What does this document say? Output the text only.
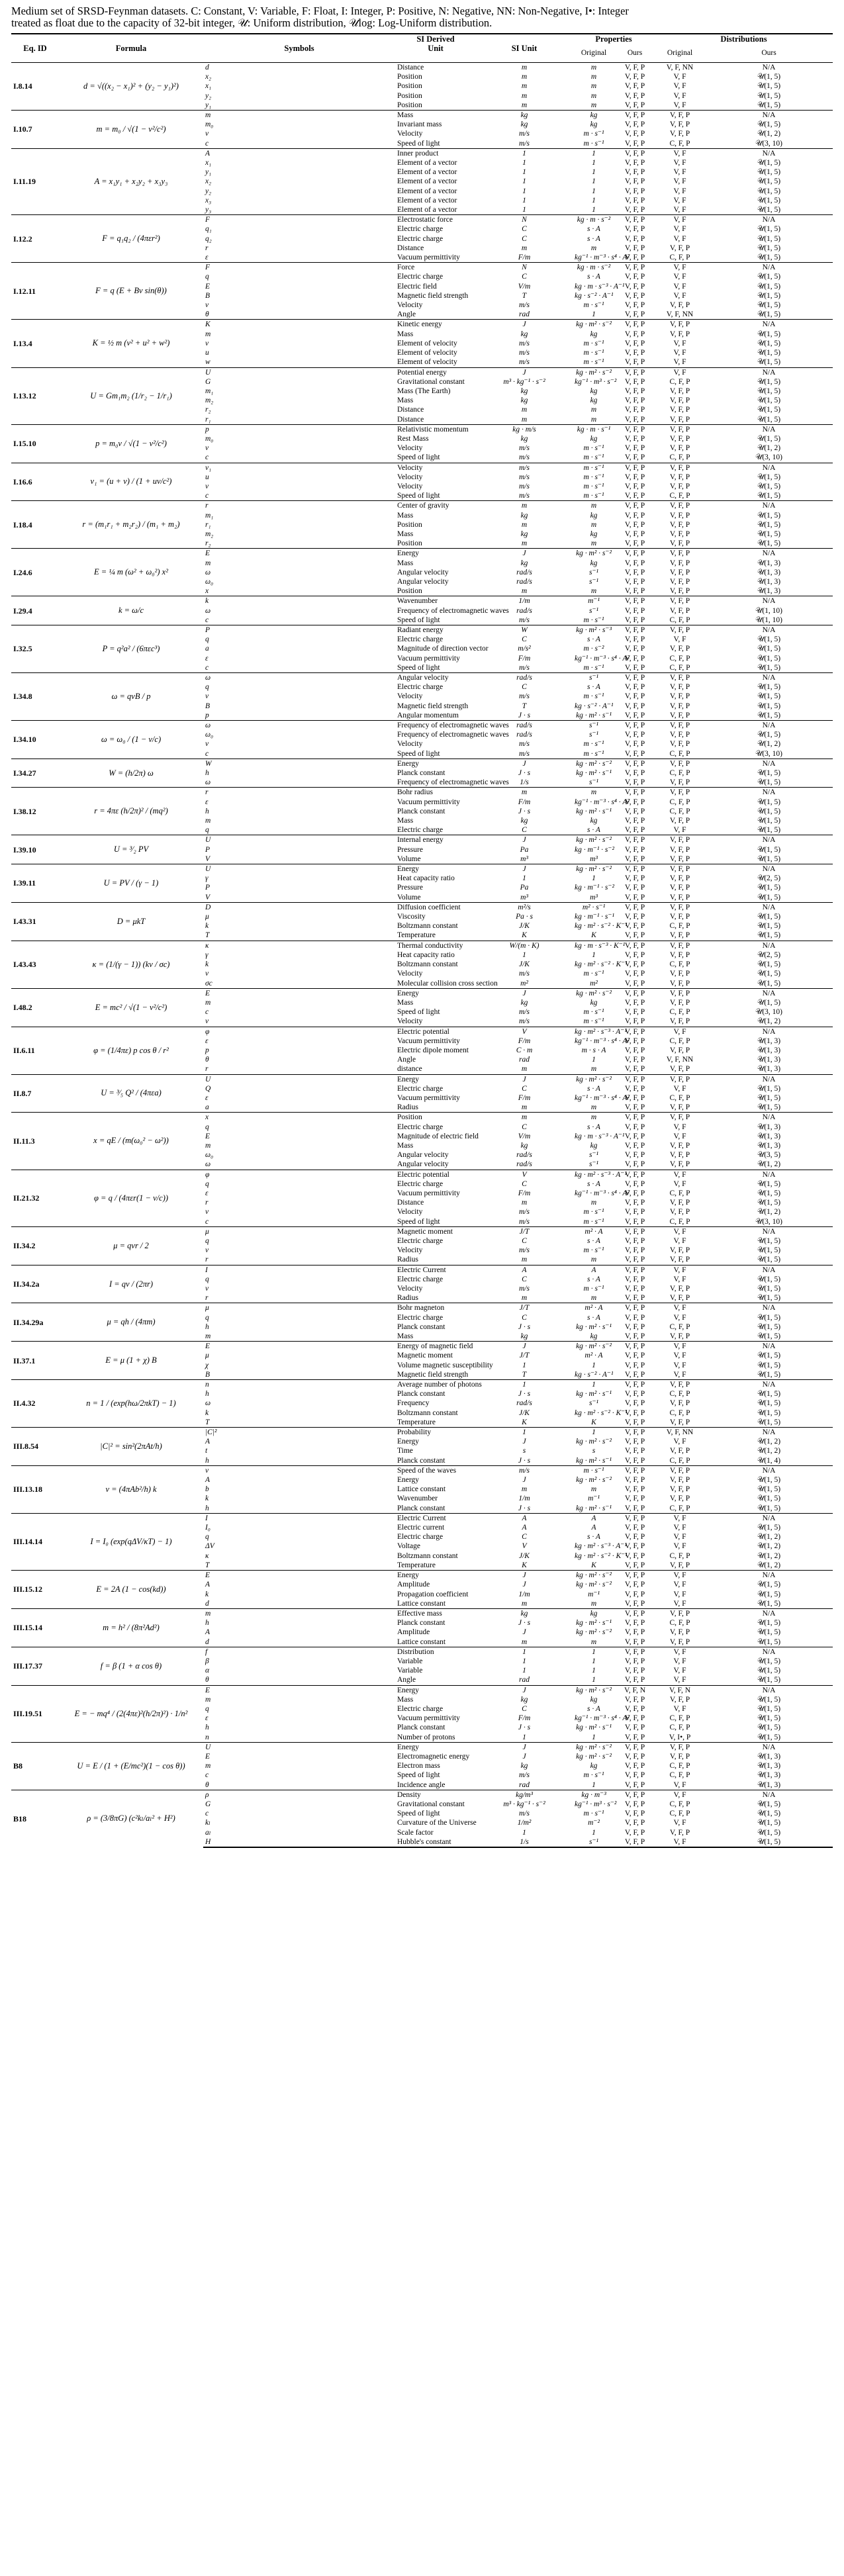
Medium set of SRSD-Feynman datasets. C: Constant, V: Variable, F: Float, I: Integer, P: Positive, N: Negative, NN: Non-Negative, I•: Integer
treated as float due to the capacity of 32-bit integer, 𝒰: Uniform distribution, 𝒰log: Log-Uniform distribution.
Eq. ID	Formula	Symbols	SI Derived	SI Unit	Properties		Distributions		
			Unit		Original	Ours	Original	Ours	

I.8.14	d = √((x₂ − x₁)² + (y₂ − y₁)²)	d	Distance	m	m	V, F, P	V, F, NN	N/A	
		x₂	Position	m	m	V, F, P	V, F	𝒰(1, 5)	
		x₁	Position	m	m	V, F, P	V, F	𝒰(1, 5)	
		y₂	Position	m	m	V, F, P	V, F	𝒰(1, 5)	
		y₁	Position	m	m	V, F, P	V, F	𝒰(1, 5)	
I.10.7	m = m₀ / √(1 − v²/c²)	m	Mass	kg	kg	V, F, P	V, F, P	N/A	
		m₀	Invariant mass	kg	kg	V, F, P	V, F, P	𝒰(1, 5)	
		v	Velocity	m/s	m · s⁻¹	V, F, P	V, F, P	𝒰(1, 2)	
		c	Speed of light	m/s	m · s⁻¹	V, F, P	C, F, P	𝒰(3, 10)	
I.11.19	A = x₁y₁ + x₂y₂ + x₃y₃	A	Inner product	1	1	V, F, P	V, F	N/A	
		x₁	Element of a vector	1	1	V, F, P	V, F	𝒰(1, 5)	
		y₁	Element of a vector	1	1	V, F, P	V, F	𝒰(1, 5)	
		x₂	Element of a vector	1	1	V, F, P	V, F	𝒰(1, 5)	
		y₂	Element of a vector	1	1	V, F, P	V, F	𝒰(1, 5)	
		x₃	Element of a vector	1	1	V, F, P	V, F	𝒰(1, 5)	
		y₃	Element of a vector	1	1	V, F, P	V, F	𝒰(1, 5)	
I.12.2	F = q₁q₂ / (4πεr²)	F	Electrostatic force	N	kg · m · s⁻²	V, F, P	V, F	N/A	
		q₁	Electric charge	C	s · A	V, F, P	V, F	𝒰(1, 5)	
		q₂	Electric charge	C	s · A	V, F, P	V, F	𝒰(1, 5)	
		r	Distance	m	m	V, F, P	V, F, P	𝒰(1, 5)	
		ε	Vacuum permittivity	F/m	kg⁻¹ · m⁻³ · s⁴ · A²	V, F, P	C, F, P	𝒰(1, 5)	
I.12.11	F = q (E + Bv sin(θ))	F	Force	N	kg · m · s⁻²	V, F, P	V, F	N/A	
		q	Electric charge	C	s · A	V, F, P	V, F	𝒰(1, 5)	
		E	Electric field	V/m	kg · m · s⁻³ · A⁻¹	V, F, P	V, F	𝒰(1, 5)	
		B	Magnetic field strength	T	kg · s⁻² · A⁻¹	V, F, P	V, F	𝒰(1, 5)	
		v	Velocity	m/s	m · s⁻¹	V, F, P	V, F, P	𝒰(1, 5)	
		θ	Angle	rad	1	V, F, P	V, F, NN	𝒰(1, 5)	
I.13.4	K = ½ m (v² + u² + w²)	K	Kinetic energy	J	kg · m² · s⁻²	V, F, P	V, F, P	N/A	
		m	Mass	kg	kg	V, F, P	V, F, P	𝒰(1, 5)	
		v	Element of velocity	m/s	m · s⁻¹	V, F, P	V, F	𝒰(1, 5)	
		u	Element of velocity	m/s	m · s⁻¹	V, F, P	V, F	𝒰(1, 5)	
		w	Element of velocity	m/s	m · s⁻¹	V, F, P	V, F	𝒰(1, 5)	
I.13.12	U = Gm₁m₂ (1/r₂ − 1/r₁)	U	Potential energy	J	kg · m² · s⁻²	V, F, P	V, F	N/A	
		G	Gravitational constant	m³ · kg⁻¹ · s⁻²	kg⁻¹ · m³ · s⁻²	V, F, P	C, F, P	𝒰(1, 5)	
		m₁	Mass (The Earth)	kg	kg	V, F, P	V, F, P	𝒰(1, 5)	
		m₂	Mass	kg	kg	V, F, P	V, F, P	𝒰(1, 5)	
		r₂	Distance	m	m	V, F, P	V, F, P	𝒰(1, 5)	
		r₁	Distance	m	m	V, F, P	V, F, P	𝒰(1, 5)	
I.15.10	p = m₀v / √(1 − v²/c²)	p	Relativistic momentum	kg · m/s	kg · m · s⁻¹	V, F, P	V, F, P	N/A	
		m₀	Rest Mass	kg	kg	V, F, P	V, F, P	𝒰(1, 5)	
		v	Velocity	m/s	m · s⁻¹	V, F, P	V, F, P	𝒰(1, 2)	
		c	Speed of light	m/s	m · s⁻¹	V, F, P	C, F, P	𝒰(3, 10)	
I.16.6	v₁ = (u + v) / (1 + uv/c²)	v₁	Velocity	m/s	m · s⁻¹	V, F, P	V, F, P	N/A	
		u	Velocity	m/s	m · s⁻¹	V, F, P	V, F, P	𝒰(1, 5)	
		v	Velocity	m/s	m · s⁻¹	V, F, P	V, F, P	𝒰(1, 5)	
		c	Speed of light	m/s	m · s⁻¹	V, F, P	C, F, P	𝒰(1, 5)	
I.18.4	r = (m₁r₁ + m₂r₂) / (m₁ + m₂)	r	Center of gravity	m	m	V, F, P	V, F, P	N/A	
		m₁	Mass	kg	kg	V, F, P	V, F, P	𝒰(1, 5)	
		r₁	Position	m	m	V, F, P	V, F, P	𝒰(1, 5)	
		m₂	Mass	kg	kg	V, F, P	V, F, P	𝒰(1, 5)	
		r₂	Position	m	m	V, F, P	V, F, P	𝒰(1, 5)	
I.24.6	E = ¼ m (ω² + ω₀²) x²	E	Energy	J	kg · m² · s⁻²	V, F, P	V, F, P	N/A	
		m	Mass	kg	kg	V, F, P	V, F, P	𝒰(1, 3)	
		ω	Angular velocity	rad/s	s⁻¹	V, F, P	V, F, P	𝒰(1, 3)	
		ω₀	Angular velocity	rad/s	s⁻¹	V, F, P	V, F, P	𝒰(1, 3)	
		x	Position	m	m	V, F, P	V, F, P	𝒰(1, 3)	
I.29.4	k = ω/c	k	Wavenumber	1/m	m⁻¹	V, F, P	V, F, P	N/A	
		ω	Frequency of electromagnetic waves	rad/s	s⁻¹	V, F, P	V, F, P	𝒰(1, 10)	
		c	Speed of light	m/s	m · s⁻¹	V, F, P	C, F, P	𝒰(1, 10)	
I.32.5	P = q²a² / (6πεc³)	P	Radiant energy	W	kg · m² · s⁻³	V, F, P	V, F, P	N/A	
		q	Electric charge	C	s · A	V, F, P	V, F	𝒰(1, 5)	
		a	Magnitude of direction vector	m/s²	m · s⁻²	V, F, P	V, F, P	𝒰(1, 5)	
		ε	Vacuum permittivity	F/m	kg⁻¹ · m⁻³ · s⁴ · A²	V, F, P	C, F, P	𝒰(1, 5)	
		c	Speed of light	m/s	m · s⁻¹	V, F, P	C, F, P	𝒰(1, 5)	
I.34.8	ω = qvB / p	ω	Angular velocity	rad/s	s⁻¹	V, F, P	V, F, P	N/A	
		q	Electric charge	C	s · A	V, F, P	V, F, P	𝒰(1, 5)	
		v	Velocity	m/s	m · s⁻¹	V, F, P	V, F, P	𝒰(1, 5)	
		B	Magnetic field strength	T	kg · s⁻² · A⁻¹	V, F, P	V, F, P	𝒰(1, 5)	
		p	Angular momentum	J · s	kg · m² · s⁻¹	V, F, P	V, F, P	𝒰(1, 5)	
I.34.10	ω = ω₀ / (1 − v/c)	ω	Frequency of electromagnetic waves	rad/s	s⁻¹	V, F, P	V, F, P	N/A	
		ω₀	Frequency of electromagnetic waves	rad/s	s⁻¹	V, F, P	V, F, P	𝒰(1, 5)	
		v	Velocity	m/s	m · s⁻¹	V, F, P	V, F, P	𝒰(1, 2)	
		c	Speed of light	m/s	m · s⁻¹	V, F, P	C, F, P	𝒰(3, 10)	
I.34.27	W = (h/2π) ω	W	Energy	J	kg · m² · s⁻²	V, F, P	V, F, P	N/A	
		h	Planck constant	J · s	kg · m² · s⁻¹	V, F, P	C, F, P	𝒰(1, 5)	
		ω	Frequency of electromagnetic waves	1/s	s⁻¹	V, F, P	V, F, P	𝒰(1, 5)	
I.38.12	r = 4πε (h/2π)² / (mq²)	r	Bohr radius	m	m	V, F, P	V, F, P	N/A	
		ε	Vacuum permittivity	F/m	kg⁻¹ · m⁻³ · s⁴ · A²	V, F, P	C, F, P	𝒰(1, 5)	
		h	Planck constant	J · s	kg · m² · s⁻¹	V, F, P	C, F, P	𝒰(1, 5)	
		m	Mass	kg	kg	V, F, P	V, F, P	𝒰(1, 5)	
		q	Electric charge	C	s · A	V, F, P	V, F	𝒰(1, 5)	
I.39.10	U = ³⁄₂ PV	U	Internal energy	J	kg · m² · s⁻²	V, F, P	V, F, P	N/A	
		P	Pressure	Pa	kg · m⁻¹ · s⁻²	V, F, P	V, F, P	𝒰(1, 5)	
		V	Volume	m³	m³	V, F, P	V, F, P	𝒰(1, 5)	
I.39.11	U = PV / (γ − 1)	U	Energy	J	kg · m² · s⁻²	V, F, P	V, F, P	N/A	
		γ	Heat capacity ratio	1	1	V, F, P	V, F, P	𝒰(2, 5)	
		P	Pressure	Pa	kg · m⁻¹ · s⁻²	V, F, P	V, F, P	𝒰(1, 5)	
		V	Volume	m³	m³	V, F, P	V, F, P	𝒰(1, 5)	
I.43.31	D = μkT	D	Diffusion coefficient	m²/s	m² · s⁻¹	V, F, P	V, F, P	N/A	
		μ	Viscosity	Pa · s	kg · m⁻¹ · s⁻¹	V, F, P	V, F, P	𝒰(1, 5)	
		k	Boltzmann constant	J/K	kg · m² · s⁻² · K⁻¹	V, F, P	C, F, P	𝒰(1, 5)	
		T	Temperature	K	K	V, F, P	V, F, P	𝒰(1, 5)	
I.43.43	κ = (1/(γ − 1)) (kv / σc)	κ	Thermal conductivity	W/(m · K)	kg · m · s⁻³ · K⁻¹	V, F, P	V, F, P	N/A	
		γ	Heat capacity ratio	1	1	V, F, P	V, F, P	𝒰(2, 5)	
		k	Boltzmann constant	J/K	kg · m² · s⁻² · K⁻¹	V, F, P	C, F, P	𝒰(1, 5)	
		v	Velocity	m/s	m · s⁻¹	V, F, P	V, F, P	𝒰(1, 5)	
		σc	Molecular collision cross section	m²	m²	V, F, P	V, F, P	𝒰(1, 5)	
I.48.2	E = mc² / √(1 − v²/c²)	E	Energy	J	kg · m² · s⁻²	V, F, P	V, F, P	N/A	
		m	Mass	kg	kg	V, F, P	V, F, P	𝒰(1, 5)	
		c	Speed of light	m/s	m · s⁻¹	V, F, P	C, F, P	𝒰(3, 10)	
		v	Velocity	m/s	m · s⁻¹	V, F, P	V, F, P	𝒰(1, 2)	
II.6.11	φ = (1/4πε) p cos θ / r²	φ	Electric potential	V	kg · m² · s⁻³ · A⁻¹	V, F, P	V, F	N/A	
		ε	Vacuum permittivity	F/m	kg⁻¹ · m⁻³ · s⁴ · A²	V, F, P	C, F, P	𝒰(1, 3)	
		p	Electric dipole moment	C · m	m · s · A	V, F, P	V, F, P	𝒰(1, 3)	
		θ	Angle	rad	1	V, F, P	V, F, NN	𝒰(1, 3)	
		r	distance	m	m	V, F, P	V, F, P	𝒰(1, 3)	
II.8.7	U = ³⁄₅ Q² / (4πεa)	U	Energy	J	kg · m² · s⁻²	V, F, P	V, F, P	N/A	
		Q	Electric charge	C	s · A	V, F, P	V, F	𝒰(1, 5)	
		ε	Vacuum permittivity	F/m	kg⁻¹ · m⁻³ · s⁴ · A²	V, F, P	C, F, P	𝒰(1, 5)	
		a	Radius	m	m	V, F, P	V, F, P	𝒰(1, 5)	
II.11.3	x = qE / (m(ω₀² − ω²))	x	Position	m	m	V, F, P	V, F, P	N/A	
		q	Electric charge	C	s · A	V, F, P	V, F	𝒰(1, 3)	
		E	Magnitude of electric field	V/m	kg · m · s⁻³ · A⁻¹	V, F, P	V, F	𝒰(1, 3)	
		m	Mass	kg	kg	V, F, P	V, F, P	𝒰(1, 3)	
		ω₀	Angular velocity	rad/s	s⁻¹	V, F, P	V, F, P	𝒰(3, 5)	
		ω	Angular velocity	rad/s	s⁻¹	V, F, P	V, F, P	𝒰(1, 2)	
II.21.32	φ = q / (4πεr(1 − v/c))	φ	Electric potential	V	kg · m² · s⁻³ · A⁻¹	V, F, P	V, F	N/A	
		q	Electric charge	C	s · A	V, F, P	V, F	𝒰(1, 5)	
		ε	Vacuum permittivity	F/m	kg⁻¹ · m⁻³ · s⁴ · A²	V, F, P	C, F, P	𝒰(1, 5)	
		r	Distance	m	m	V, F, P	V, F, P	𝒰(1, 5)	
		v	Velocity	m/s	m · s⁻¹	V, F, P	V, F, P	𝒰(1, 2)	
		c	Speed of light	m/s	m · s⁻¹	V, F, P	C, F, P	𝒰(3, 10)	
II.34.2	μ = qvr / 2	μ	Magnetic moment	J/T	m² · A	V, F, P	V, F	N/A	
		q	Electric charge	C	s · A	V, F, P	V, F	𝒰(1, 5)	
		v	Velocity	m/s	m · s⁻¹	V, F, P	V, F, P	𝒰(1, 5)	
		r	Radius	m	m	V, F, P	V, F, P	𝒰(1, 5)	
II.34.2a	I = qv / (2πr)	I	Electric Current	A	A	V, F, P	V, F	N/A	
		q	Electric charge	C	s · A	V, F, P	V, F	𝒰(1, 5)	
		v	Velocity	m/s	m · s⁻¹	V, F, P	V, F, P	𝒰(1, 5)	
		r	Radius	m	m	V, F, P	V, F, P	𝒰(1, 5)	
II.34.29a	μ = qh / (4πm)	μ	Bohr magneton	J/T	m² · A	V, F, P	V, F	N/A	
		q	Electric charge	C	s · A	V, F, P	V, F	𝒰(1, 5)	
		h	Planck constant	J · s	kg · m² · s⁻¹	V, F, P	C, F, P	𝒰(1, 5)	
		m	Mass	kg	kg	V, F, P	V, F, P	𝒰(1, 5)	
II.37.1	E = μ (1 + χ) B	E	Energy of magnetic field	J	kg · m² · s⁻²	V, F, P	V, F	N/A	
		μ	Magnetic moment	J/T	m² · A	V, F, P	V, F	𝒰(1, 5)	
		χ	Volume magnetic susceptibility	1	1	V, F, P	V, F	𝒰(1, 5)	
		B	Magnetic field strength	T	kg · s⁻² · A⁻¹	V, F, P	V, F	𝒰(1, 5)	
II.4.32	n = 1 / (exp(hω/2πkT) − 1)	n	Average number of photons	1	1	V, F, P	V, F, P	N/A	
		h	Planck constant	J · s	kg · m² · s⁻¹	V, F, P	C, F, P	𝒰(1, 5)	
		ω	Frequency	rad/s	s⁻¹	V, F, P	V, F, P	𝒰(1, 5)	
		k	Boltzmann constant	J/K	kg · m² · s⁻² · K⁻¹	V, F, P	C, F, P	𝒰(1, 5)	
		T	Temperature	K	K	V, F, P	V, F, P	𝒰(1, 5)	
III.8.54	|C|² = sin²(2πAt/h)	|C|²	Probability	1	1	V, F, P	V, F, NN	N/A	
		A	Energy	J	kg · m² · s⁻²	V, F, P	V, F	𝒰(1, 2)	
		t	Time	s	s	V, F, P	V, F, P	𝒰(1, 2)	
		h	Planck constant	J · s	kg · m² · s⁻¹	V, F, P	C, F, P	𝒰(1, 4)	
III.13.18	v = (4πAb²/h) k	v	Speed of the waves	m/s	m · s⁻¹	V, F, P	V, F, P	N/A	
		A	Energy	J	kg · m² · s⁻²	V, F, P	V, F, P	𝒰(1, 5)	
		b	Lattice constant	m	m	V, F, P	V, F, P	𝒰(1, 5)	
		k	Wavenumber	1/m	m⁻¹	V, F, P	V, F, P	𝒰(1, 5)	
		h	Planck constant	J · s	kg · m² · s⁻¹	V, F, P	C, F, P	𝒰(1, 5)	
III.14.14	I = I₀ (exp(qΔV/κT) − 1)	I	Electric Current	A	A	V, F, P	V, F	N/A	
		I₀	Electric current	A	A	V, F, P	V, F	𝒰(1, 5)	
		q	Electric charge	C	s · A	V, F, P	V, F	𝒰(1, 2)	
		ΔV	Voltage	V	kg · m² · s⁻³ · A⁻¹	V, F, P	V, F	𝒰(1, 2)	
		κ	Boltzmann constant	J/K	kg · m² · s⁻² · K⁻¹	V, F, P	C, F, P	𝒰(1, 2)	
		T	Temperature	K	K	V, F, P	V, F, P	𝒰(1, 2)	
III.15.12	E = 2A (1 − cos(kd))	E	Energy	J	kg · m² · s⁻²	V, F, P	V, F	N/A	
		A	Amplitude	J	kg · m² · s⁻²	V, F, P	V, F	𝒰(1, 5)	
		k	Propagation coefficient	1/m	m⁻¹	V, F, P	V, F	𝒰(1, 5)	
		d	Lattice constant	m	m	V, F, P	V, F	𝒰(1, 5)	
III.15.14	m = h² / (8π²Ad²)	m	Effective mass	kg	kg	V, F, P	V, F, P	N/A	
		h	Planck constant	J · s	kg · m² · s⁻¹	V, F, P	C, F, P	𝒰(1, 5)	
		A	Amplitude	J	kg · m² · s⁻²	V, F, P	V, F, P	𝒰(1, 5)	
		d	Lattice constant	m	m	V, F, P	V, F, P	𝒰(1, 5)	
III.17.37	f = β (1 + α cos θ)	f	Distribution	1	1	V, F, P	V, F	N/A	
		β	Variable	1	1	V, F, P	V, F	𝒰(1, 5)	
		α	Variable	1	1	V, F, P	V, F	𝒰(1, 5)	
		θ	Angle	rad	1	V, F, P	V, F	𝒰(1, 5)	
III.19.51	E = − mq⁴ / (2(4πε)²(h/2π)²) · 1/n²	E	Energy	J	kg · m² · s⁻²	V, F, N	V, F, N	N/A	
		m	Mass	kg	kg	V, F, P	V, F, P	𝒰(1, 5)	
		q	Electric charge	C	s · A	V, F, P	V, F	𝒰(1, 5)	
		ε	Vacuum permittivity	F/m	kg⁻¹ · m⁻³ · s⁴ · A²	V, F, P	C, F, P	𝒰(1, 5)	
		h	Planck constant	J · s	kg · m² · s⁻¹	V, F, P	C, F, P	𝒰(1, 5)	
		n	Number of protons	1	1	V, F, P	V, I•, P	𝒰(1, 5)	
B8	U = E / (1 + (E/mc²)(1 − cos θ))	U	Energy	J	kg · m² · s⁻²	V, F, P	V, F, P	N/A	
		E	Electromagnetic energy	J	kg · m² · s⁻²	V, F, P	V, F, P	𝒰(1, 3)	
		m	Electron mass	kg	kg	V, F, P	C, F, P	𝒰(1, 3)	
		c	Speed of light	m/s	m · s⁻¹	V, F, P	C, F, P	𝒰(1, 3)	
		θ	Incidence angle	rad	1	V, F, P	V, F	𝒰(1, 3)	
B18	ρ = (3/8πG) (c²kₗ/aₗ² + H²)	ρ	Density	kg/m³	kg · m⁻³	V, F, P	V, F	N/A	
		G	Gravitational constant	m³ · kg⁻¹ · s⁻²	kg⁻¹ · m³ · s⁻²	V, F, P	C, F, P	𝒰(1, 5)	
		c	Speed of light	m/s	m · s⁻¹	V, F, P	C, F, P	𝒰(1, 5)	
		kₗ	Curvature of the Universe	1/m²	m⁻²	V, F, P	V, F	𝒰(1, 5)	
		aₗ	Scale factor	1	1	V, F, P	V, F, P	𝒰(1, 5)	
		H	Hubble's constant	1/s	s⁻¹	V, F, P	V, F	𝒰(1, 5)	
